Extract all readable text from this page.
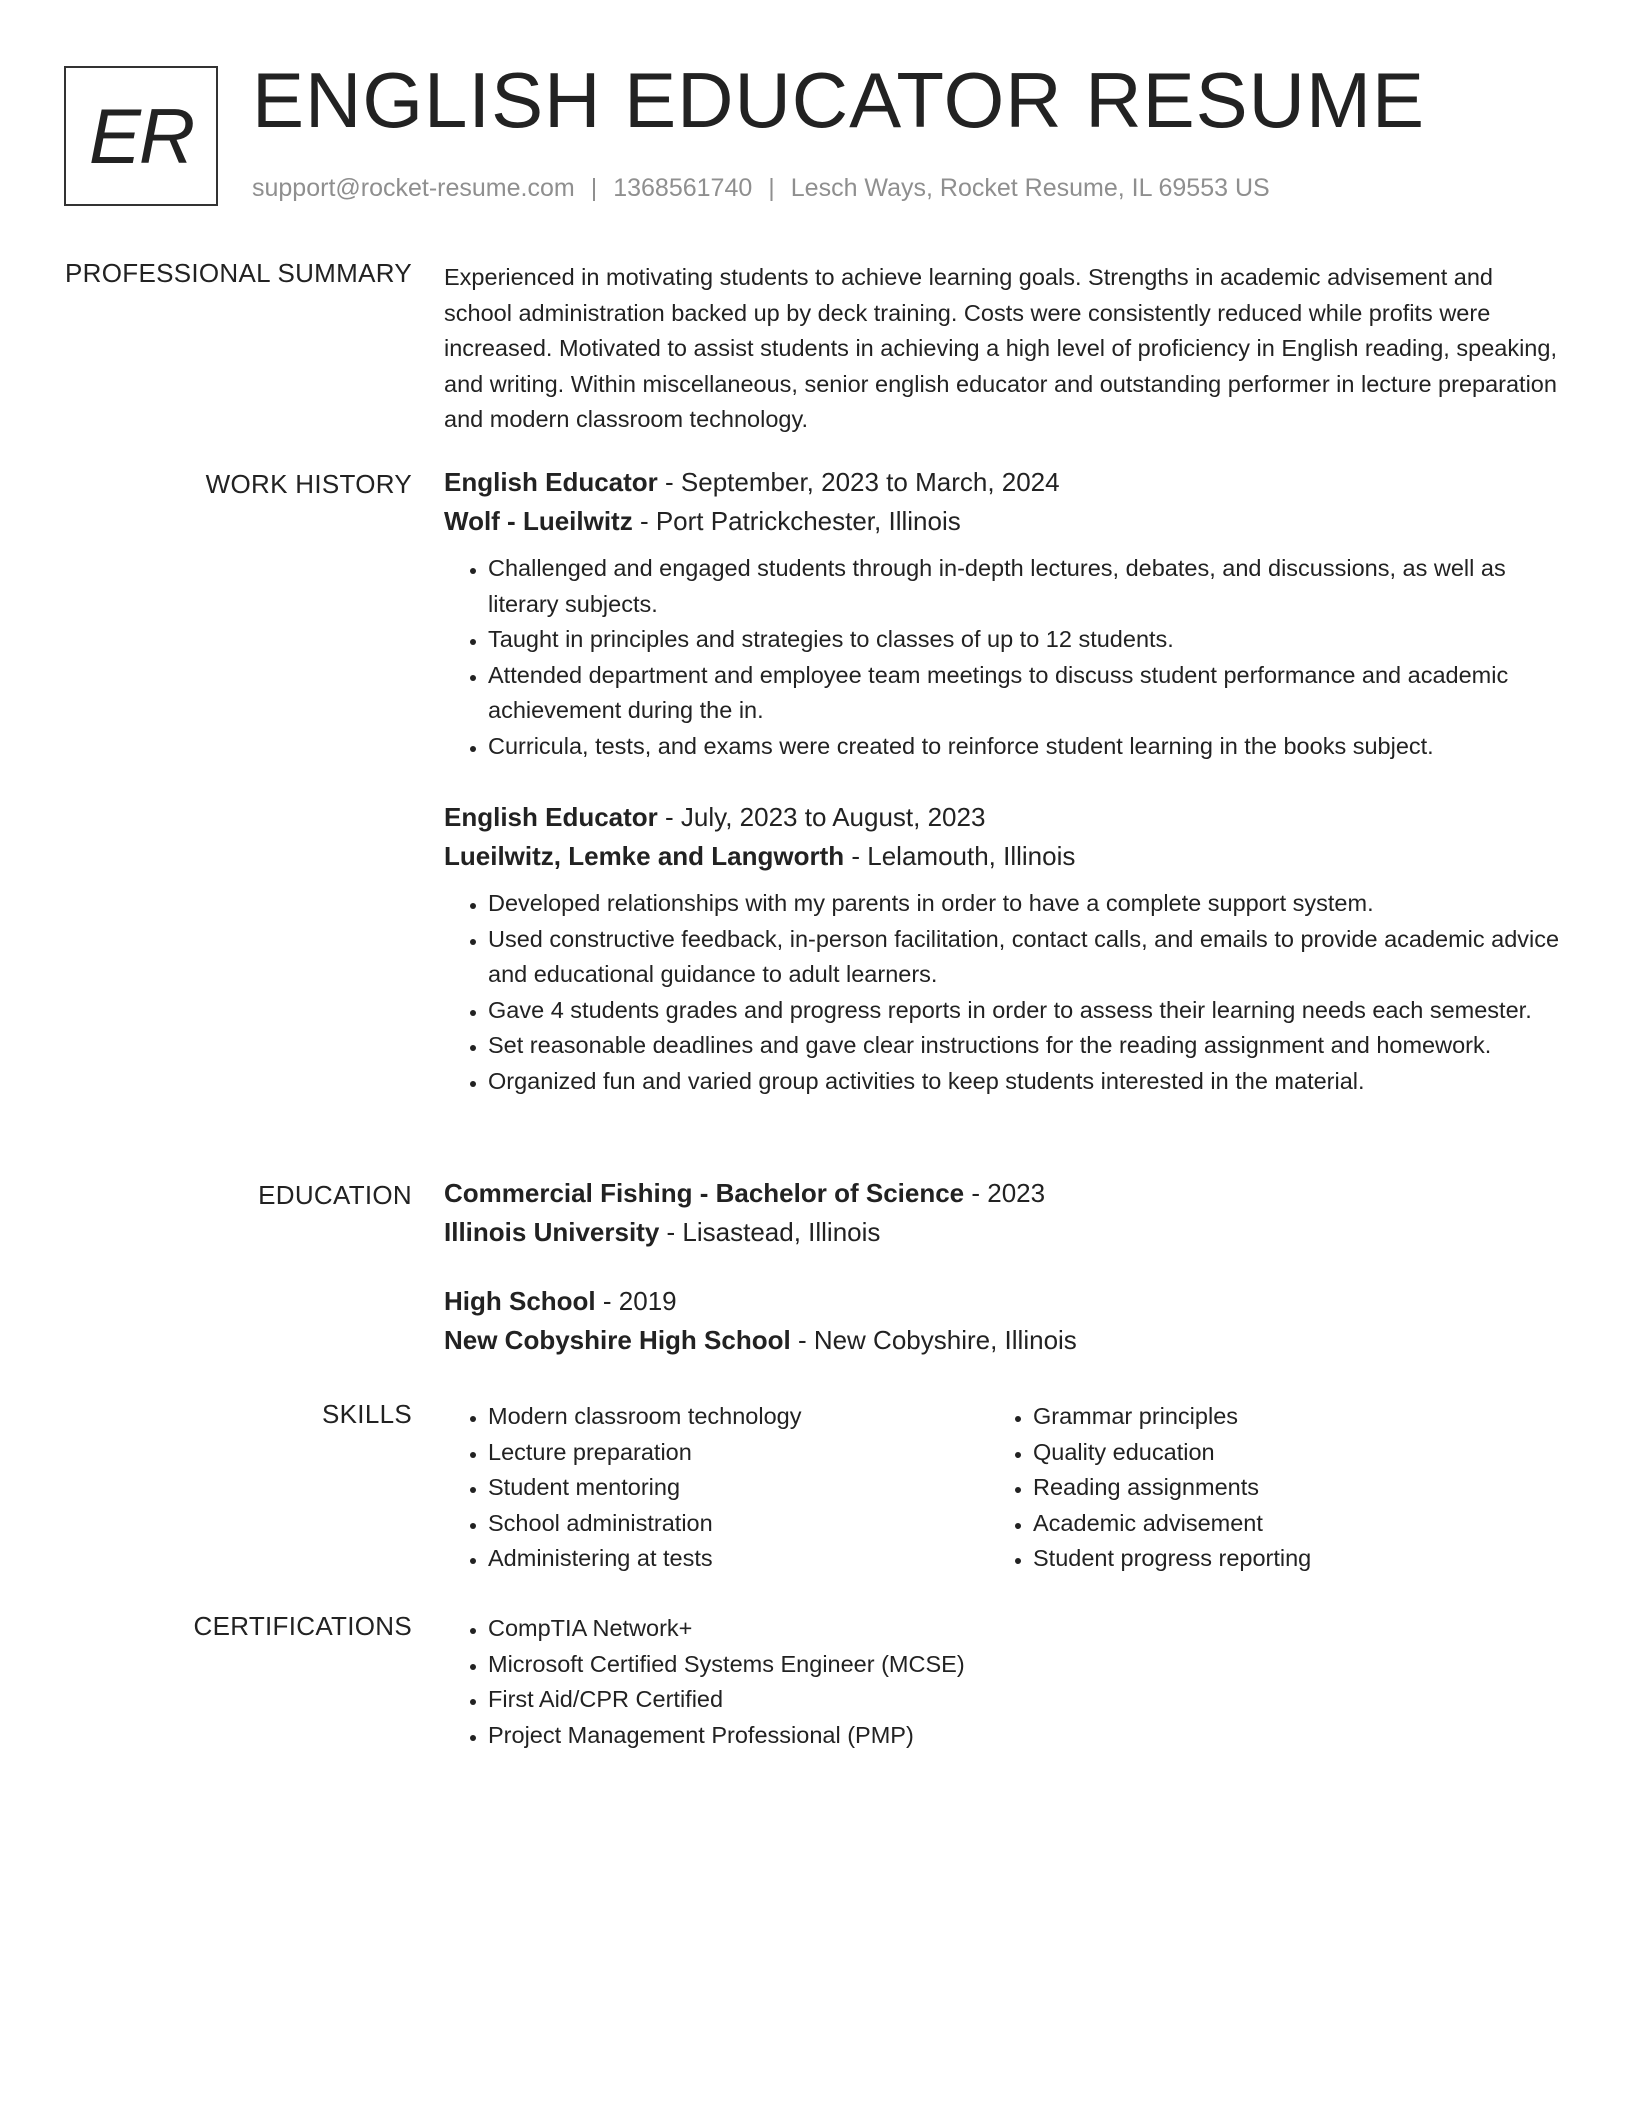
ER ENGLISH EDUCATOR RESUME
support@rocket-resume.com | 1368561740 | Lesch Ways, Rocket Resume, IL 69553 US
PROFESSIONAL SUMMARY Experienced in motivating students to achieve learning goals. Strengths in academic advisement and school administration backed up by deck training. Costs were consistently reduced while profits were increased. Motivated to assist students in achieving a high level of proficiency in English reading, speaking, and writing. Within miscellaneous, senior english educator and outstanding performer in lecture preparation and modern classroom technology.

WORK HISTORY English Educator - September, 2023 to March, 2024
Wolf - Lueilwitz - Port Patrickchester, Illinois
• Challenged and engaged students through in-depth lectures, debates, and discussions, as well as literary subjects.
• Taught in principles and strategies to classes of up to 12 students.
• Attended department and employee team meetings to discuss student performance and academic achievement during the in.
• Curricula, tests, and exams were created to reinforce student learning in the books subject.
English Educator - July, 2023 to August, 2023
Lueilwitz, Lemke and Langworth - Lelamouth, Illinois
• Developed relationships with my parents in order to have a complete support system.
• Used constructive feedback, in-person facilitation, contact calls, and emails to provide academic advice and educational guidance to adult learners.
• Gave 4 students grades and progress reports in order to assess their learning needs each semester.
• Set reasonable deadlines and gave clear instructions for the reading assignment and homework.
• Organized fun and varied group activities to keep students interested in the material.
EDUCATION Commercial Fishing - Bachelor of Science - 2023
Illinois University - Lisastead, Illinois
High School - 2019
New Cobyshire High School - New Cobyshire, Illinois
SKILLS	• Modern classroom technology
• Lecture preparation
• Student mentoring
• School administration
• Administering at tests
• Grammar principles
• Quality education
• Reading assignments
• Academic advisement
• Student progress reporting
CERTIFICATIONS	• CompTIA Network+
• Microsoft Certified Systems Engineer (MCSE)
• First Aid/CPR Certified
• Project Management Professional (PMP)
